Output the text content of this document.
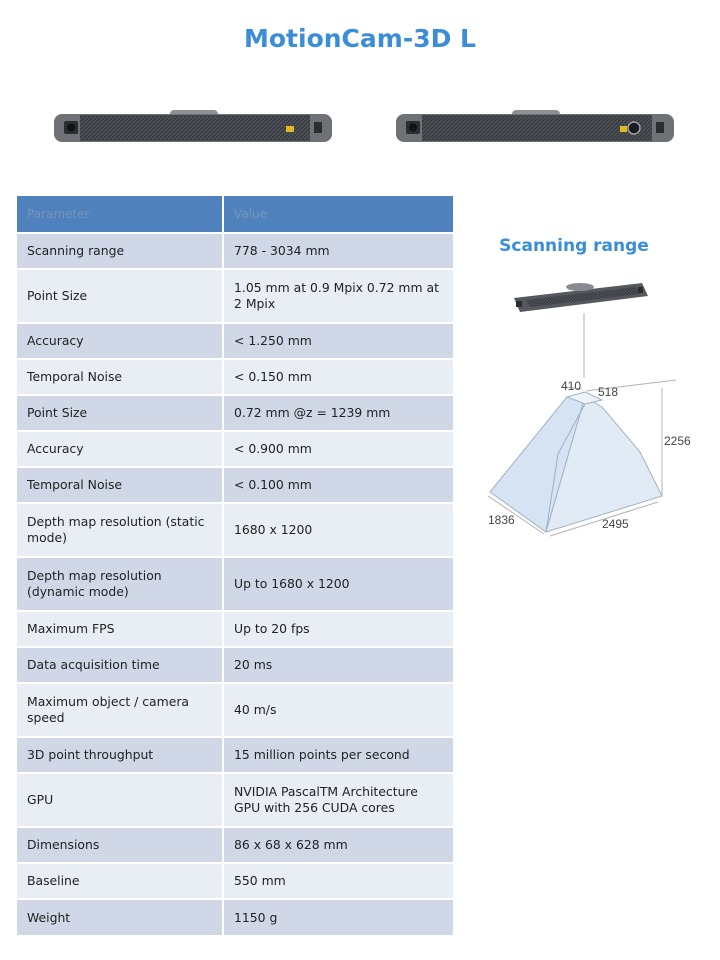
MotionCam-3D L
Parameter	Value
Scanning range	778 - 3034 mm
Point Size	1.05 mm at 0.9 Mpix 0.72 mm at 2 Mpix
Accuracy	< 1.250 mm
Temporal Noise	< 0.150 mm
Point Size	0.72 mm @z = 1239 mm
Accuracy	< 0.900 mm
Temporal Noise	< 0.100 mm
Depth map resolution (static mode)	1680 x 1200
Depth map resolution (dynamic mode)	Up to 1680 x 1200
Maximum FPS	Up to 20 fps
Data acquisition time	20 ms
Maximum object / camera speed	40 m/s
3D point throughput	15 million points per second
GPU	NVIDIA PascalTM Architecture GPU with 256 CUDA cores
Dimensions	86 x 68 x 628 mm
Baseline	550 mm
Weight	1150 g
Scanning range
410 518
2256
1836	2495
